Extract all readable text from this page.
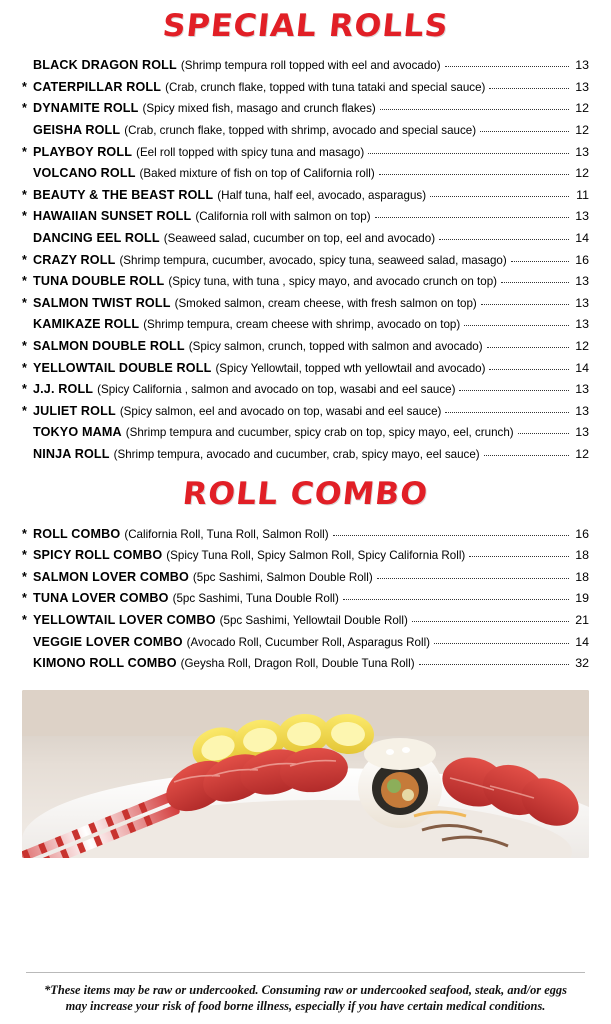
SPECIAL ROLLS
BLACK DRAGON ROLL (Shrimp tempura roll topped with eel and avocado)	13
* CATERPILLAR ROLL (Crab, crunch flake, topped with tuna tataki and special sauce)	13
* DYNAMITE ROLL (Spicy mixed fish, masago and crunch flakes)	12
GEISHA ROLL (Crab, crunch flake, topped with shrimp, avocado and special sauce)	12
* PLAYBOY ROLL (Eel roll topped with spicy tuna and masago)	13
VOLCANO ROLL (Baked mixture of fish on top of California roll)	12
* BEAUTY & THE BEAST ROLL (Half tuna, half eel, avocado, asparagus)	11
* HAWAIIAN SUNSET ROLL (California roll with salmon on top)	13
DANCING EEL ROLL (Seaweed salad, cucumber on top, eel and avocado)	14
* CRAZY ROLL (Shrimp tempura, cucumber, avocado, spicy tuna, seaweed salad, masago)	16
* TUNA DOUBLE ROLL (Spicy tuna, with tuna , spicy mayo, and avocado crunch on top)	13
* SALMON TWIST ROLL (Smoked salmon, cream cheese, with fresh salmon on top)	13
KAMIKAZE ROLL (Shrimp tempura, cream cheese with shrimp, avocado on top)	13
* SALMON DOUBLE ROLL (Spicy salmon, crunch, topped with salmon and avocado)	12
* YELLOWTAIL DOUBLE ROLL (Spicy Yellowtail, topped wth yellowtail and avocado)	14
* J.J. ROLL (Spicy California , salmon and avocado on top, wasabi and eel sauce)	13
* JULIET ROLL (Spicy salmon, eel and avocado on top, wasabi and eel sauce)	13
TOKYO MAMA (Shrimp tempura and cucumber, spicy crab on top, spicy mayo, eel, crunch)	13
NINJA ROLL (Shrimp tempura, avocado and cucumber, crab, spicy mayo, eel sauce)	12
ROLL COMBO
* ROLL COMBO (California Roll, Tuna Roll, Salmon Roll)	16
* SPICY ROLL COMBO (Spicy Tuna Roll, Spicy Salmon Roll, Spicy California Roll)	18
* SALMON LOVER COMBO (5pc Sashimi, Salmon Double Roll)	18
* TUNA LOVER COMBO (5pc Sashimi, Tuna Double Roll)	19
* YELLOWTAIL LOVER COMBO (5pc Sashimi, Yellowtail Double Roll)	21
VEGGIE LOVER COMBO (Avocado Roll, Cucumber Roll, Asparagus Roll)	14
KIMONO ROLL COMBO (Geysha Roll, Dragon Roll, Double Tuna Roll)	32
*These items may be raw or undercooked. Consuming raw or undercooked seafood, steak, and/or eggs
may increase your risk of food borne illness, especially if you have certain medical conditions.
